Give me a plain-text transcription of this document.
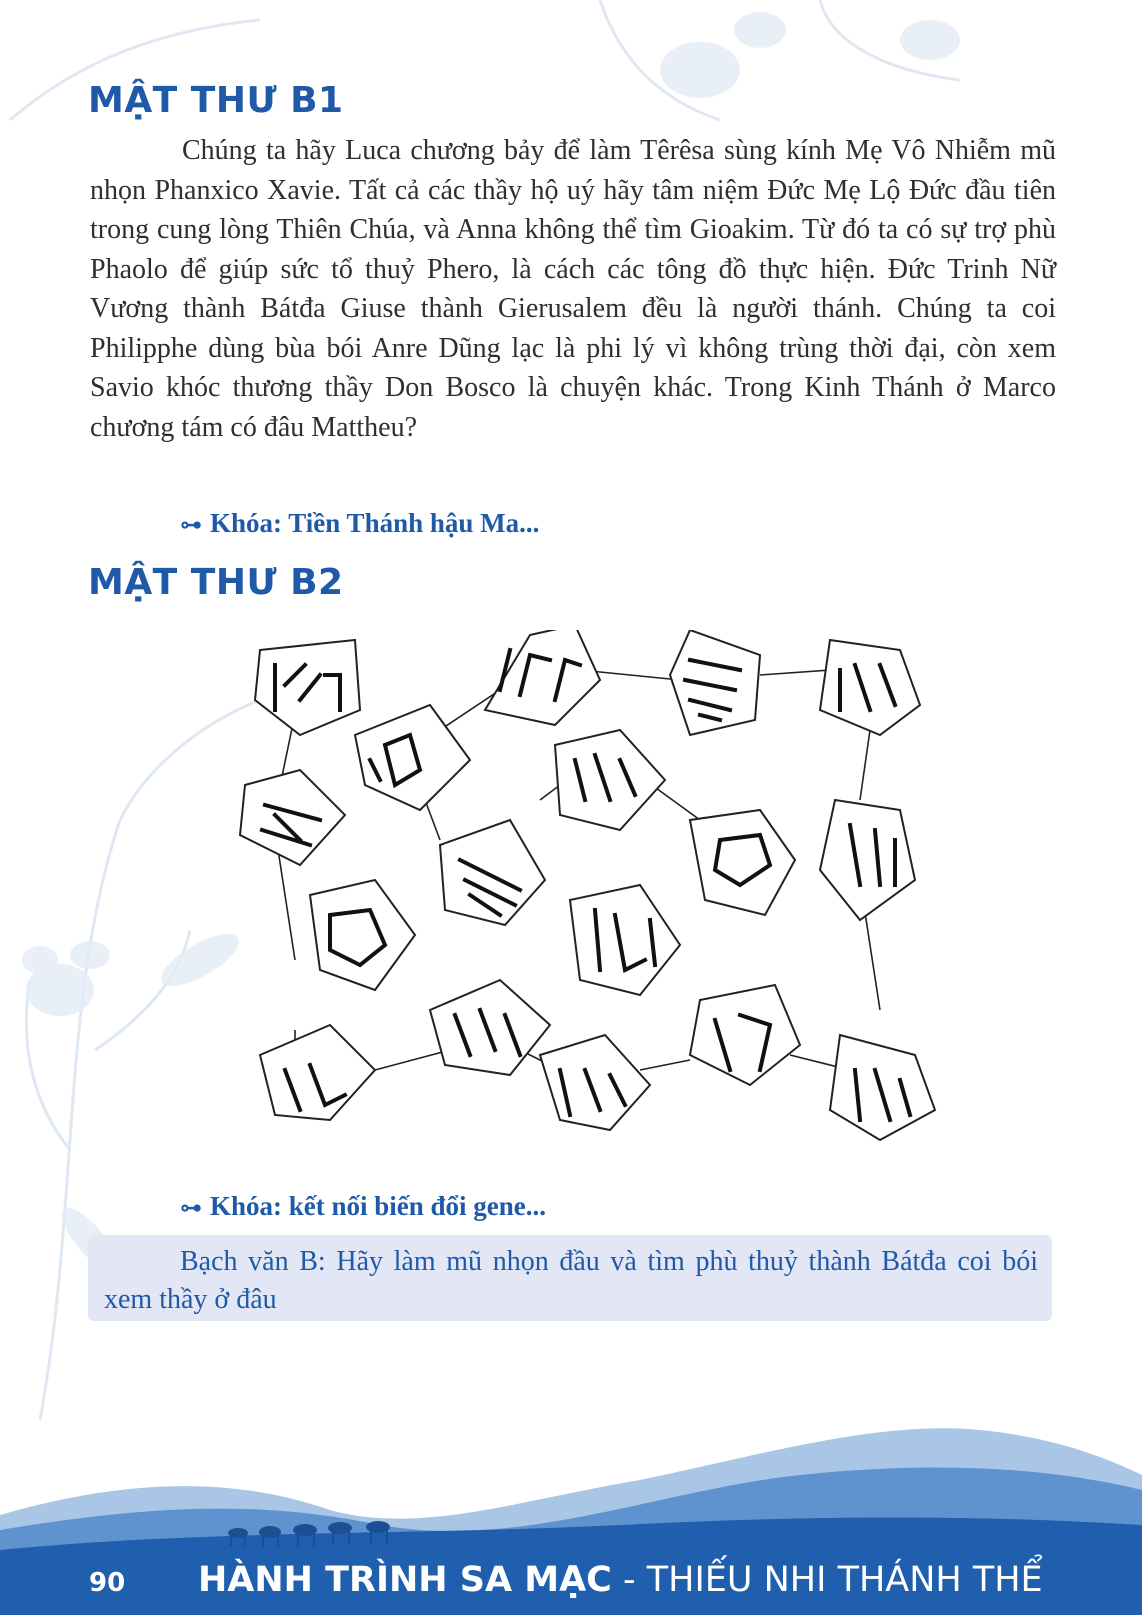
MẬT THƯ B1

Chúng ta hãy Luca chương bảy để làm Têrêsa sùng kính Mẹ Vô Nhiễm mũ nhọn Phanxico Xavie. Tất cả các thầy hộ uý hãy tâm niệm Đức Mẹ Lộ Đức đầu tiên trong cung lòng Thiên Chúa, và Anna không thể tìm Gioakim. Từ đó ta có sự trợ phù Phaolo để giúp sức tổ thuỷ Phero, là cách các tông đồ thực hiện. Đức Trinh Nữ Vương thành Bátđa Giuse thành Gierusalem đều là người thánh. Chúng ta coi Philipphe dùng bùa bói Anre Dũng lạc là phi lý vì không trùng thời đại, còn xem Savio khóc thương thầy Don Bosco là chuyện khác. Trong Kinh Thánh ở Marco chương tám có đâu Mattheu?

⊶ Khóa: Tiền Thánh hậu Ma...

MẬT THƯ B2

⊶ Khóa: kết nối biến đổi gene...

Bạch văn B: Hãy làm mũ nhọn đầu và tìm phù thuỷ thành Bátđa coi bói xem thầy ở đâu

90 HÀNH TRÌNH SA MẠC - THIẾU NHI THÁNH THỂ
